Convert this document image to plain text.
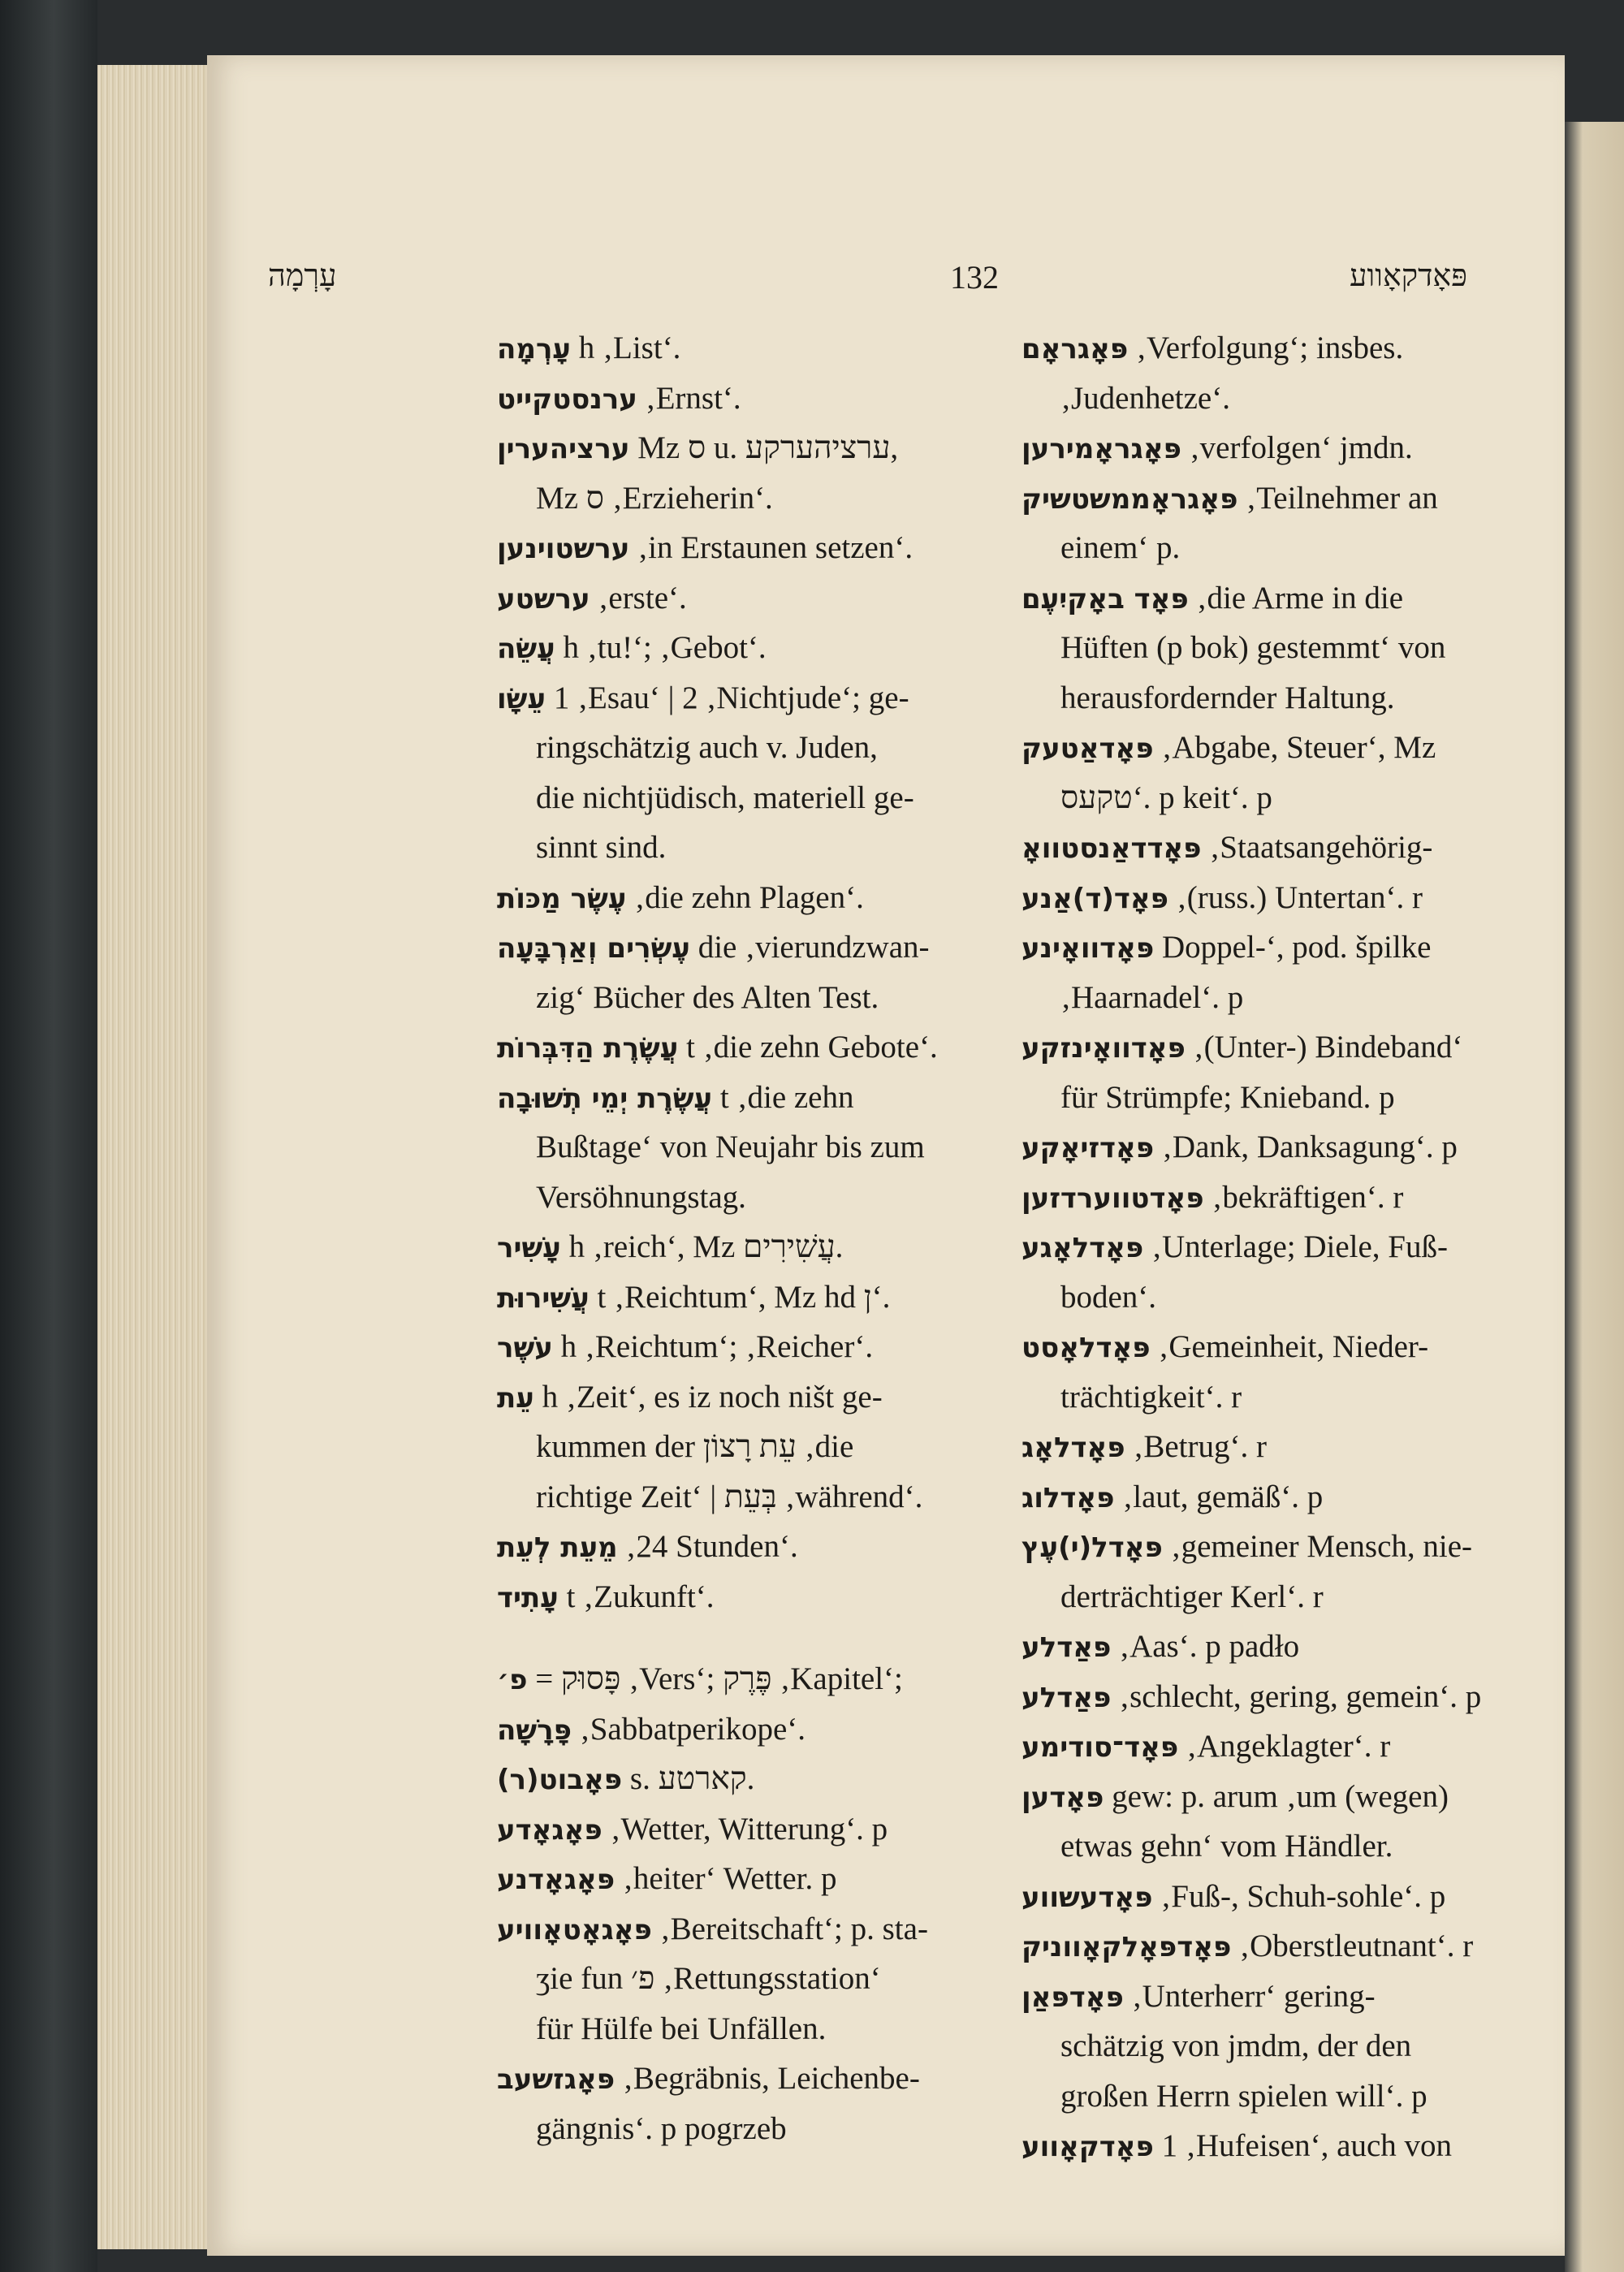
עָרְמָה	132	פּאָדקאָווע
עָרְמָה h ‚List‘.
ערנסטקייט ‚Ernst‘.
ערציהערין Mz ס u. ערציהערקע,
Mz ס ‚Erzieherin‘.
ערשטוינען ‚in Erstaunen setzen‘.
ערשטע ‚erste‘.
עֲשֵׂה h ‚tu!‘; ‚Gebot‘.
עֵשָׂו 1 ‚Esau‘ | 2 ‚Nichtjude‘; ge-
ringschätzig auch v. Juden,
die nichtjüdisch, materiell ge-
sinnt sind.
עֶשֶׂר מַכּוֹת ‚die zehn Plagen‘.
עֶשְׂרִים וְאַרְבָּעָה die ‚vierundzwan-
zig‘ Bücher des Alten Test.
עֲשֶׂרֶת הַדִּבְּרוֹת t ‚die zehn Gebote‘.
עֲשֶׂרֶת יְמֵי תְשׁוּבָה t ‚die zehn
Bußtage‘ von Neujahr bis zum
Versöhnungstag.
עָשִׁיר h ‚reich‘, Mz עֲשִׁירִים.
עֲשִׁירוּת t ‚Reichtum‘, Mz hd ן‘.
עֹשֶׁר h ‚Reichtum‘; ‚Reicher‘.
עֵת h ‚Zeit‘, es iz noch ništ ge-
kummen der עֵת רָצוֹן ‚die
richtige Zeit‘ | בְּעֵת ‚während‘.
מֵעֵת לְעֵת ‚24 Stunden‘.
עָתִיד t ‚Zukunft‘.
פ׳ = פָּסוּק ‚Vers‘; פֶּרֶק ‚Kapitel‘;
פָּרָשָׁה ‚Sabbatperikope‘.
פּאָבוט(ר) s. קארטע.
פּאָגאָדע ‚Wetter, Witterung‘. p
פּאָגאָדנע ‚heiter‘ Wetter. p
פּאָגאָטאָוויע ‚Bereitschaft‘; p. sta-
ʒie fun פ׳ ‚Rettungsstation‘
für Hülfe bei Unfällen.
פּאָגזשעב ‚Begräbnis, Leichenbe-
gängnis‘. p pogrzeb
פּאָגראָם ‚Verfolgung‘; insbes.
‚Judenhetze‘.
פּאָגראָמירען ‚verfolgen‘ jmdn.
פּאָגראָממשטשיק ‚Teilnehmer an
einem‘ p.
פּאָד באָקיִעֶם ‚die Arme in die
Hüften (p bok) gestemmt‘ von
herausfordernder Haltung.
פּאָדאַטעק ‚Abgabe, Steuer‘, Mz
טקעס‘. p keit‘. p
פּאָדדאַנסטוואָ ‚Staatsangehörig-
פּאָד(ד)אַנע ‚(russ.) Untertan‘. r
פּאָדוואָינע Doppel-‘, pod. špilke
‚Haarnadel‘. p
פּאָדוואָינזקע ‚(Unter-) Bindeband‘
für Strümpfe; Knieband. p
פּאָדזיאָקע ‚Dank, Danksagung‘. p
פּאָדטווערדזען ‚bekräftigen‘. r
פּאָדלאָגע ‚Unterlage; Diele, Fuß-
boden‘.
פּאָדלאָסט ‚Gemeinheit, Nieder-
trächtigkeit‘. r
פּאָדלאָג ‚Betrug‘. r
פּאָדלוג ‚laut, gemäß‘. p
פּאָדל(י)עֶץ ‚gemeiner Mensch, nie-
derträchtiger Kerl‘. r
פּאַדלע ‚Aas‘. p padło
פּאַדלע ‚schlecht, gering, gemein‘. p
פּאָד־סודימע ‚Angeklagter‘. r
פּאָדען gew: p. arum ‚um (wegen)
etwas gehn‘ vom Händler.
פּאָדעשווע ‚Fuß-, Schuh-sohle‘. p
פּאָדפּאָלקאָווניק ‚Oberstleutnant‘. r
פּאָדפּאַן ‚Unterherr‘ gering-
schätzig von jmdm, der den
großen Herrn spielen will‘. p
פּאָדקאָווע 1 ‚Hufeisen‘, auch von
